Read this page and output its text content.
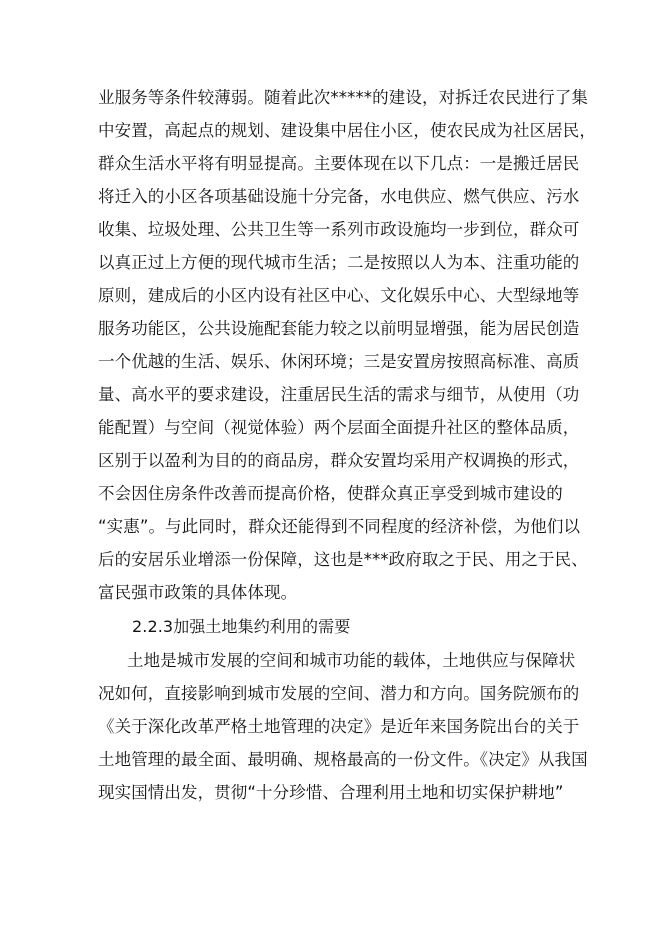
业服务等条件较薄弱。随着此次*****的建设，对拆迁农民进行了集
中安置，高起点的规划、建设集中居住小区，使农民成为社区居民，
群众生活水平将有明显提高。主要体现在以下几点：一是搬迁居民
将迁入的小区各项基础设施十分完备，水电供应、燃气供应、污水
收集、垃圾处理、公共卫生等一系列市政设施均一步到位，群众可
以真正过上方便的现代城市生活；二是按照以人为本、注重功能的
原则，建成后的小区内设有社区中心、文化娱乐中心、大型绿地等
服务功能区，公共设施配套能力较之以前明显增强，能为居民创造
一个优越的生活、娱乐、休闲环境；三是安置房按照高标准、高质
量、高水平的要求建设，注重居民生活的需求与细节，从使用（功
能配置）与空间（视觉体验）两个层面全面提升社区的整体品质，
区别于以盈利为目的的商品房，群众安置均采用产权调换的形式，
不会因住房条件改善而提高价格，使群众真正享受到城市建设的
“实惠”。与此同时，群众还能得到不同程度的经济补偿，为他们以
后的安居乐业增添一份保障，这也是***政府取之于民、用之于民、
富民强市政策的具体体现。
2.2.3加强土地集约利用的需要
土地是城市发展的空间和城市功能的载体，土地供应与保障状
况如何，直接影响到城市发展的空间、潜力和方向。国务院颁布的
《关于深化改革严格土地管理的决定》是近年来国务院出台的关于
土地管理的最全面、最明确、规格最高的一份文件。《决定》从我国
现实国情出发，贯彻“十分珍惜、合理利用土地和切实保护耕地”
